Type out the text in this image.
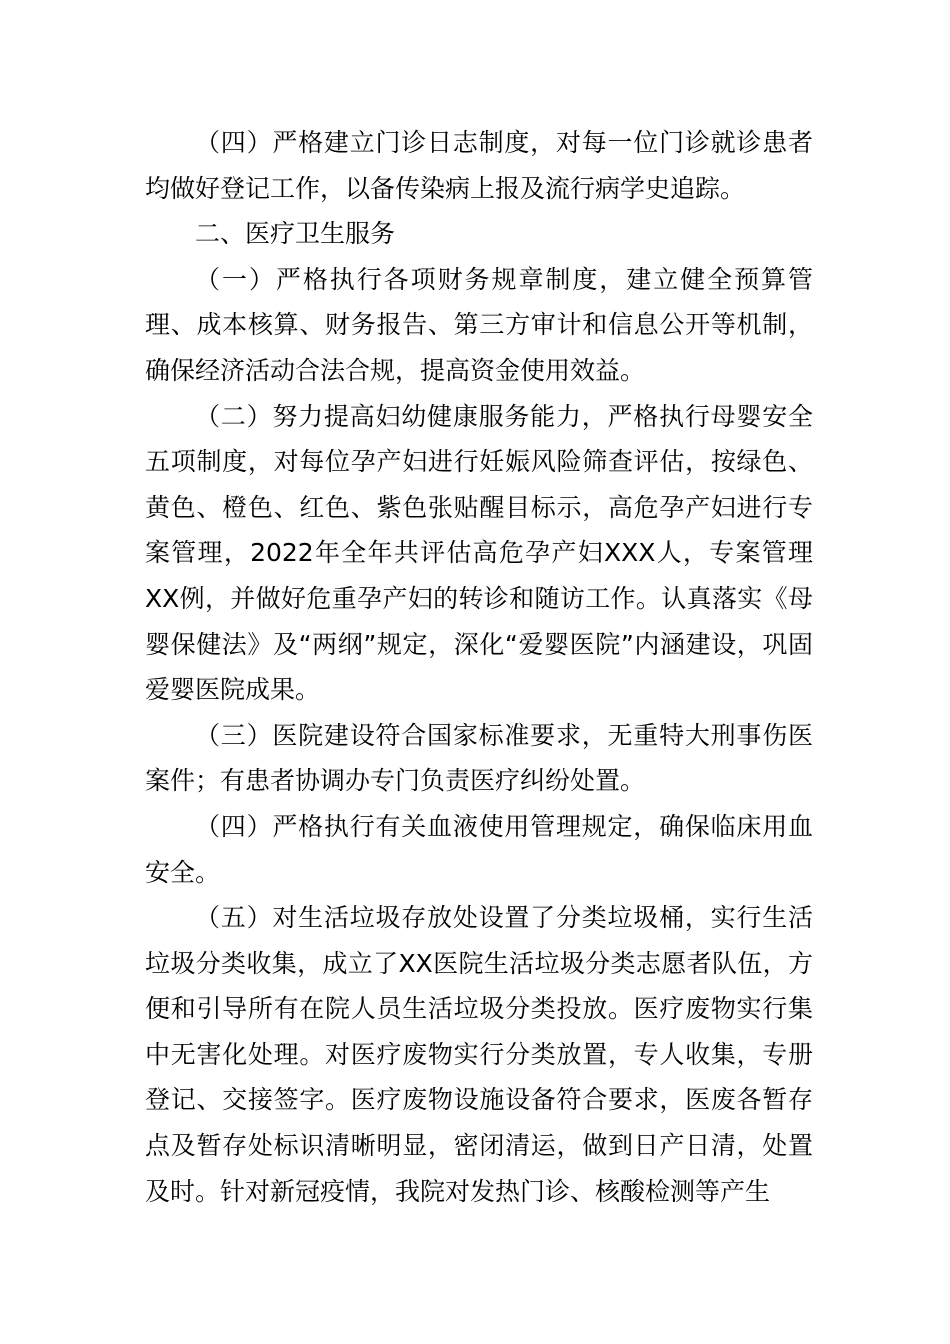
（四）严格建立门诊日志制度，对每一位门诊就诊患者均做好登记工作，以备传染病上报及流行病学史追踪。

二、医疗卫生服务

（一）严格执行各项财务规章制度，建立健全预算管理、成本核算、财务报告、第三方审计和信息公开等机制，确保经济活动合法合规，提高资金使用效益。

（二）努力提高妇幼健康服务能力，严格执行母婴安全五项制度，对每位孕产妇进行妊娠风险筛查评估，按绿色、黄色、橙色、红色、紫色张贴醒目标示，高危孕产妇进行专案管理，2022年全年共评估高危孕产妇XXX人，专案管理XX例，并做好危重孕产妇的转诊和随访工作。认真落实《母婴保健法》及“两纲”规定，深化“爱婴医院”内涵建设，巩固爱婴医院成果。

（三）医院建设符合国家标准要求，无重特大刑事伤医案件；有患者协调办专门负责医疗纠纷处置。

（四）严格执行有关血液使用管理规定，确保临床用血安全。

（五）对生活垃圾存放处设置了分类垃圾桶，实行生活垃圾分类收集，成立了XX医院生活垃圾分类志愿者队伍，方便和引导所有在院人员生活垃圾分类投放。医疗废物实行集中无害化处理。对医疗废物实行分类放置，专人收集，专册登记、交接签字。医疗废物设施设备符合要求，医废各暂存点及暂存处标识清晰明显，密闭清运，做到日产日清，处置及时。针对新冠疫情，我院对发热门诊、核酸检测等产生
